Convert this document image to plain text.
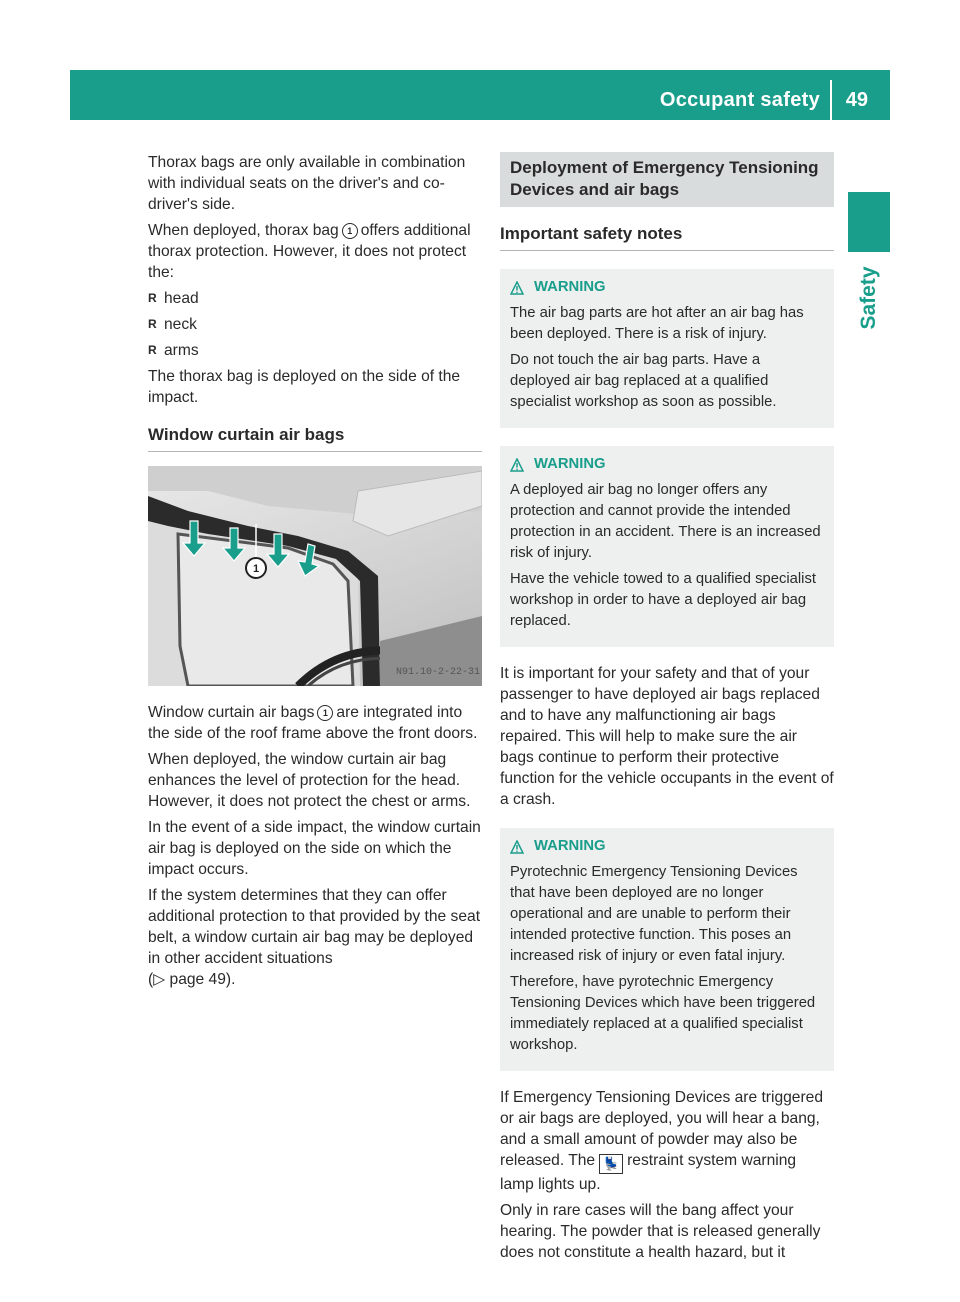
Occupant safety 49
Safety

Thorax bags are only available in combination with individual seats on the driver's and co-driver's side.

When deployed, thorax bag 1 offers additional thorax protection. However, it does not protect the:

R head
R neck
R arms

The thorax bag is deployed on the side of the impact.

Window curtain air bags
1
N91.10-2-22-31

Window curtain air bags 1 are integrated into the side of the roof frame above the front doors.

When deployed, the window curtain air bag enhances the level of protection for the head. However, it does not protect the chest or arms.

In the event of a side impact, the window curtain air bag is deployed on the side on which the impact occurs.

If the system determines that they can offer additional protection to that provided by the seat belt, a window curtain air bag may be deployed in other accident situations
(▷ page 49).

Deployment of Emergency Tensioning Devices and air bags
Important safety notes
WARNING

The air bag parts are hot after an air bag has been deployed. There is a risk of injury.

Do not touch the air bag parts. Have a deployed air bag replaced at a qualified specialist workshop as soon as possible.

WARNING

A deployed air bag no longer offers any protection and cannot provide the intended protection in an accident. There is an increased risk of injury.

Have the vehicle towed to a qualified specialist workshop in order to have a deployed air bag replaced.

It is important for your safety and that of your passenger to have deployed air bags replaced and to have any malfunctioning air bags repaired. This will help to make sure the air bags continue to perform their protective function for the vehicle occupants in the event of a crash.

WARNING

Pyrotechnic Emergency Tensioning Devices that have been deployed are no longer operational and are unable to perform their intended protective function. This poses an increased risk of injury or even fatal injury.

Therefore, have pyrotechnic Emergency Tensioning Devices which have been triggered immediately replaced at a qualified specialist workshop.

If Emergency Tensioning Devices are triggered or air bags are deployed, you will hear a bang, and a small amount of powder may also be released. The 💺 restraint system warning lamp lights up.

Only in rare cases will the bang affect your hearing. The powder that is released generally does not constitute a health hazard, but it
